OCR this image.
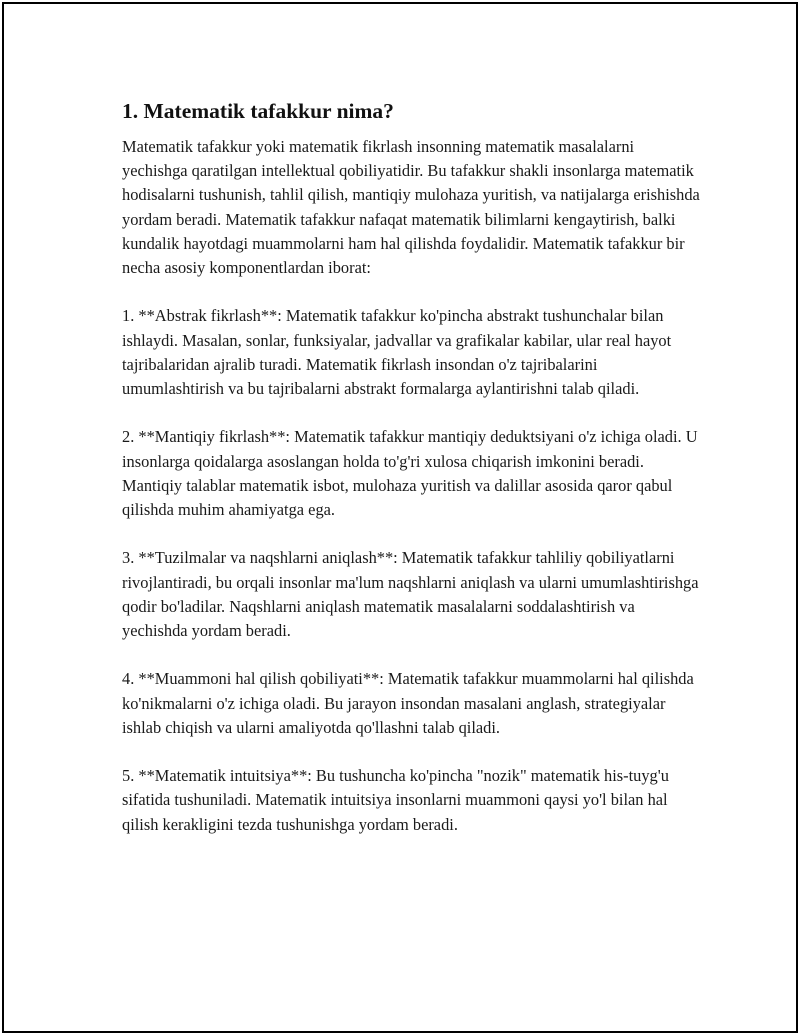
1. Matematik tafakkur nima?

Matematik tafakkur yoki matematik fikrlash insonning matematik masalalarni yechishga qaratilgan intellektual qobiliyatidir. Bu tafakkur shakli insonlarga matematik hodisalarni tushunish, tahlil qilish, mantiqiy mulohaza yuritish, va natijalarga erishishda yordam beradi. Matematik tafakkur nafaqat matematik bilimlarni kengaytirish, balki kundalik hayotdagi muammolarni ham hal qilishda foydalidir. Matematik tafakkur bir necha asosiy komponentlardan iborat:

1. **Abstrak fikrlash**: Matematik tafakkur ko'pincha abstrakt tushunchalar bilan ishlaydi. Masalan, sonlar, funksiyalar, jadvallar va grafikalar kabilar, ular real hayot tajribalaridan ajralib turadi. Matematik fikrlash insondan o'z tajribalarini umumlashtirish va bu tajribalarni abstrakt formalarga aylantirishni talab qiladi.

2. **Mantiqiy fikrlash**: Matematik tafakkur mantiqiy deduktsiyani o'z ichiga oladi. U insonlarga qoidalarga asoslangan holda to'g'ri xulosa chiqarish imkonini beradi. Mantiqiy talablar matematik isbot, mulohaza yuritish va dalillar asosida qaror qabul qilishda muhim ahamiyatga ega.

3. **Tuzilmalar va naqshlarni aniqlash**: Matematik tafakkur tahliliy qobiliyatlarni rivojlantiradi, bu orqali insonlar ma'lum naqshlarni aniqlash va ularni umumlashtirishga qodir bo'ladilar. Naqshlarni aniqlash matematik masalalarni soddalashtirish va yechishda yordam beradi.

4. **Muammoni hal qilish qobiliyati**: Matematik tafakkur muammolarni hal qilishda ko'nikmalarni o'z ichiga oladi. Bu jarayon insondan masalani anglash, strategiyalar ishlab chiqish va ularni amaliyotda qo'llashni talab qiladi.

5. **Matematik intuitsiya**: Bu tushuncha ko'pincha "nozik" matematik his-tuyg'u sifatida tushuniladi. Matematik intuitsiya insonlarni muammoni qaysi yo'l bilan hal qilish kerakligini tezda tushunishga yordam beradi.
